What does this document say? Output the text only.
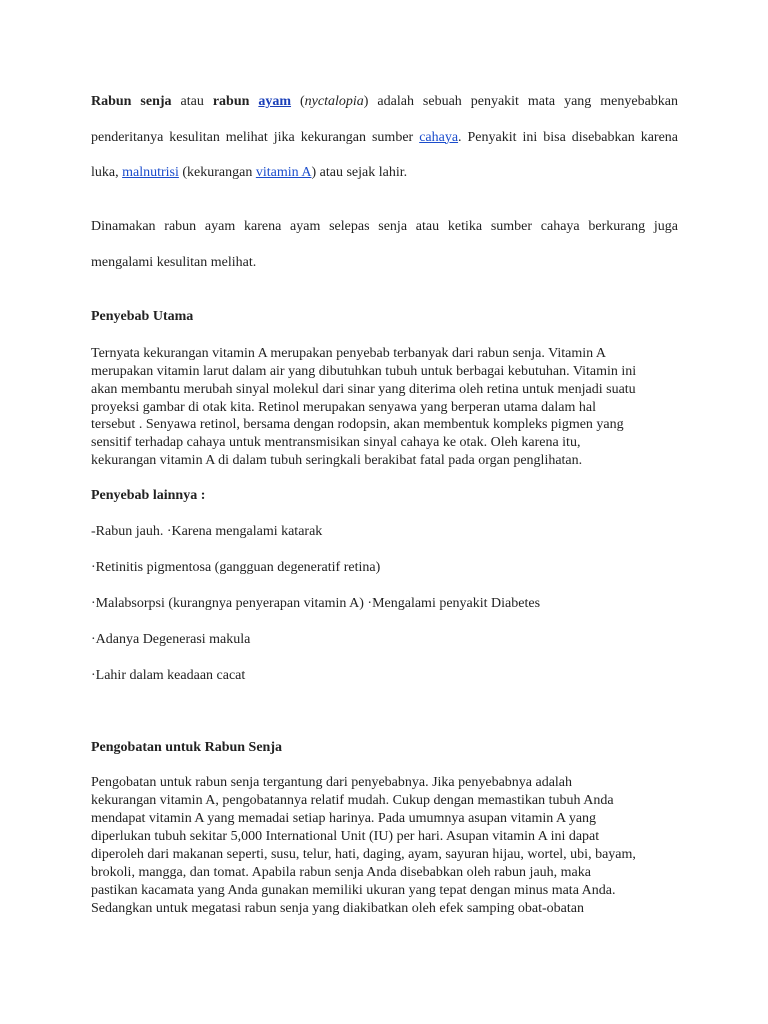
Rabun senja atau rabun ayam (nyctalopia) adalah sebuah penyakit mata yang menyebabkan penderitanya kesulitan melihat jika kekurangan sumber cahaya. Penyakit ini bisa disebabkan karena luka, malnutrisi (kekurangan vitamin A) atau sejak lahir.

Dinamakan rabun ayam karena ayam selepas senja atau ketika sumber cahaya berkurang juga mengalami kesulitan melihat.

Penyebab Utama
Ternyata kekurangan vitamin A merupakan penyebab terbanyak dari rabun senja. Vitamin A
merupakan vitamin larut dalam air yang dibutuhkan tubuh untuk berbagai kebutuhan. Vitamin ini
akan membantu merubah sinyal molekul dari sinar yang diterima oleh retina untuk menjadi suatu
proyeksi gambar di otak kita. Retinol merupakan senyawa yang berperan utama dalam hal
tersebut . Senyawa retinol, bersama dengan rodopsin, akan membentuk kompleks pigmen yang
sensitif terhadap cahaya untuk mentransmisikan sinyal cahaya ke otak. Oleh karena itu,
kekurangan vitamin A di dalam tubuh seringkali berakibat fatal pada organ penglihatan.
Penyebab lainnya :
-Rabun jauh. ·Karena mengalami katarak
·Retinitis pigmentosa (gangguan degeneratif retina)
·Malabsorpsi (kurangnya penyerapan vitamin A) ·Mengalami penyakit Diabetes
·Adanya Degenerasi makula
·Lahir dalam keadaan cacat
Pengobatan untuk Rabun Senja
Pengobatan untuk rabun senja tergantung dari penyebabnya. Jika penyebabnya adalah
kekurangan vitamin A, pengobatannya relatif mudah. Cukup dengan memastikan tubuh Anda
mendapat vitamin A yang memadai setiap harinya. Pada umumnya asupan vitamin A yang
diperlukan tubuh sekitar 5,000 International Unit (IU) per hari. Asupan vitamin A ini dapat
diperoleh dari makanan seperti, susu, telur, hati, daging, ayam, sayuran hijau, wortel, ubi, bayam,
brokoli, mangga, dan tomat. Apabila rabun senja Anda disebabkan oleh rabun jauh, maka
pastikan kacamata yang Anda gunakan memiliki ukuran yang tepat dengan minus mata Anda.
Sedangkan untuk megatasi rabun senja yang diakibatkan oleh efek samping obat-obatan
